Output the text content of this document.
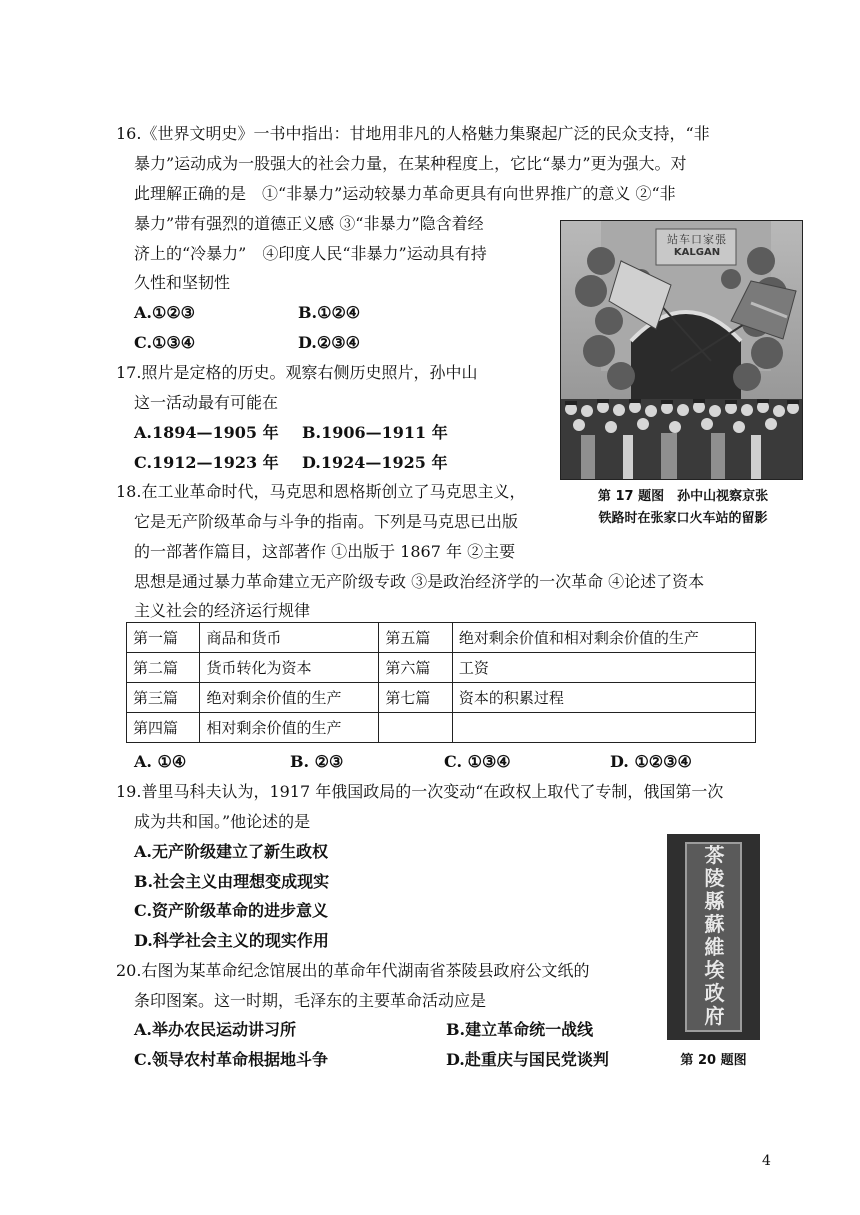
16.《世界文明史》一书中指出：甘地用非凡的人格魅力集聚起广泛的民众支持，“非
暴力”运动成为一股强大的社会力量，在某种程度上，它比“暴力”更为强大。对
此理解正确的是　①“非暴力”运动较暴力革命更具有向世界推广的意义 ②“非
暴力”带有强烈的道德正义感 ③“非暴力”隐含着经
济上的“冷暴力”　④印度人民“非暴力”运动具有持
久性和坚韧性
A.①②③	B.①②④
C.①③④	D.②③④
站车口家張
KALGAN
第 17 题图　孙中山视察京张
铁路时在张家口火车站的留影
17.照片是定格的历史。观察右侧历史照片，孙中山
这一活动最有可能在
A.1894—1905 年 B.1906—1911 年
C.1912—1923 年 D.1924—1925 年
18.在工业革命时代，马克思和恩格斯创立了马克思主义，
它是无产阶级革命与斗争的指南。下列是马克思已出版
的一部著作篇目，这部著作 ①出版于 1867 年 ②主要
思想是通过暴力革命建立无产阶级专政 ③是政治经济学的一次革命 ④论述了资本
主义社会的经济运行规律
第一篇	商品和货币	第五篇	绝对剩余价值和相对剩余价值的生产
第二篇	货币转化为资本	第六篇	工资
第三篇	绝对剩余价值的生产	第七篇	资本的积累过程
第四篇	相对剩余价值的生产		
A. ①④	B. ②③	C. ①③④	D. ①②③④
19.普里马科夫认为，1917 年俄国政局的一次变动“在政权上取代了专制，俄国第一次
成为共和国。”他论述的是
A.无产阶级建立了新生政权
B.社会主义由理想变成现实
C.资产阶级革命的进步意义
D.科学社会主义的现实作用
茶
陵
縣
蘇
維
埃
政
府
第 20 题图
20.右图为某革命纪念馆展出的革命年代湖南省茶陵县政府公文纸的
条印图案。这一时期，毛泽东的主要革命活动应是
A.举办农民运动讲习所	B.建立革命统一战线
C.领导农村革命根据地斗争	D.赴重庆与国民党谈判
4
